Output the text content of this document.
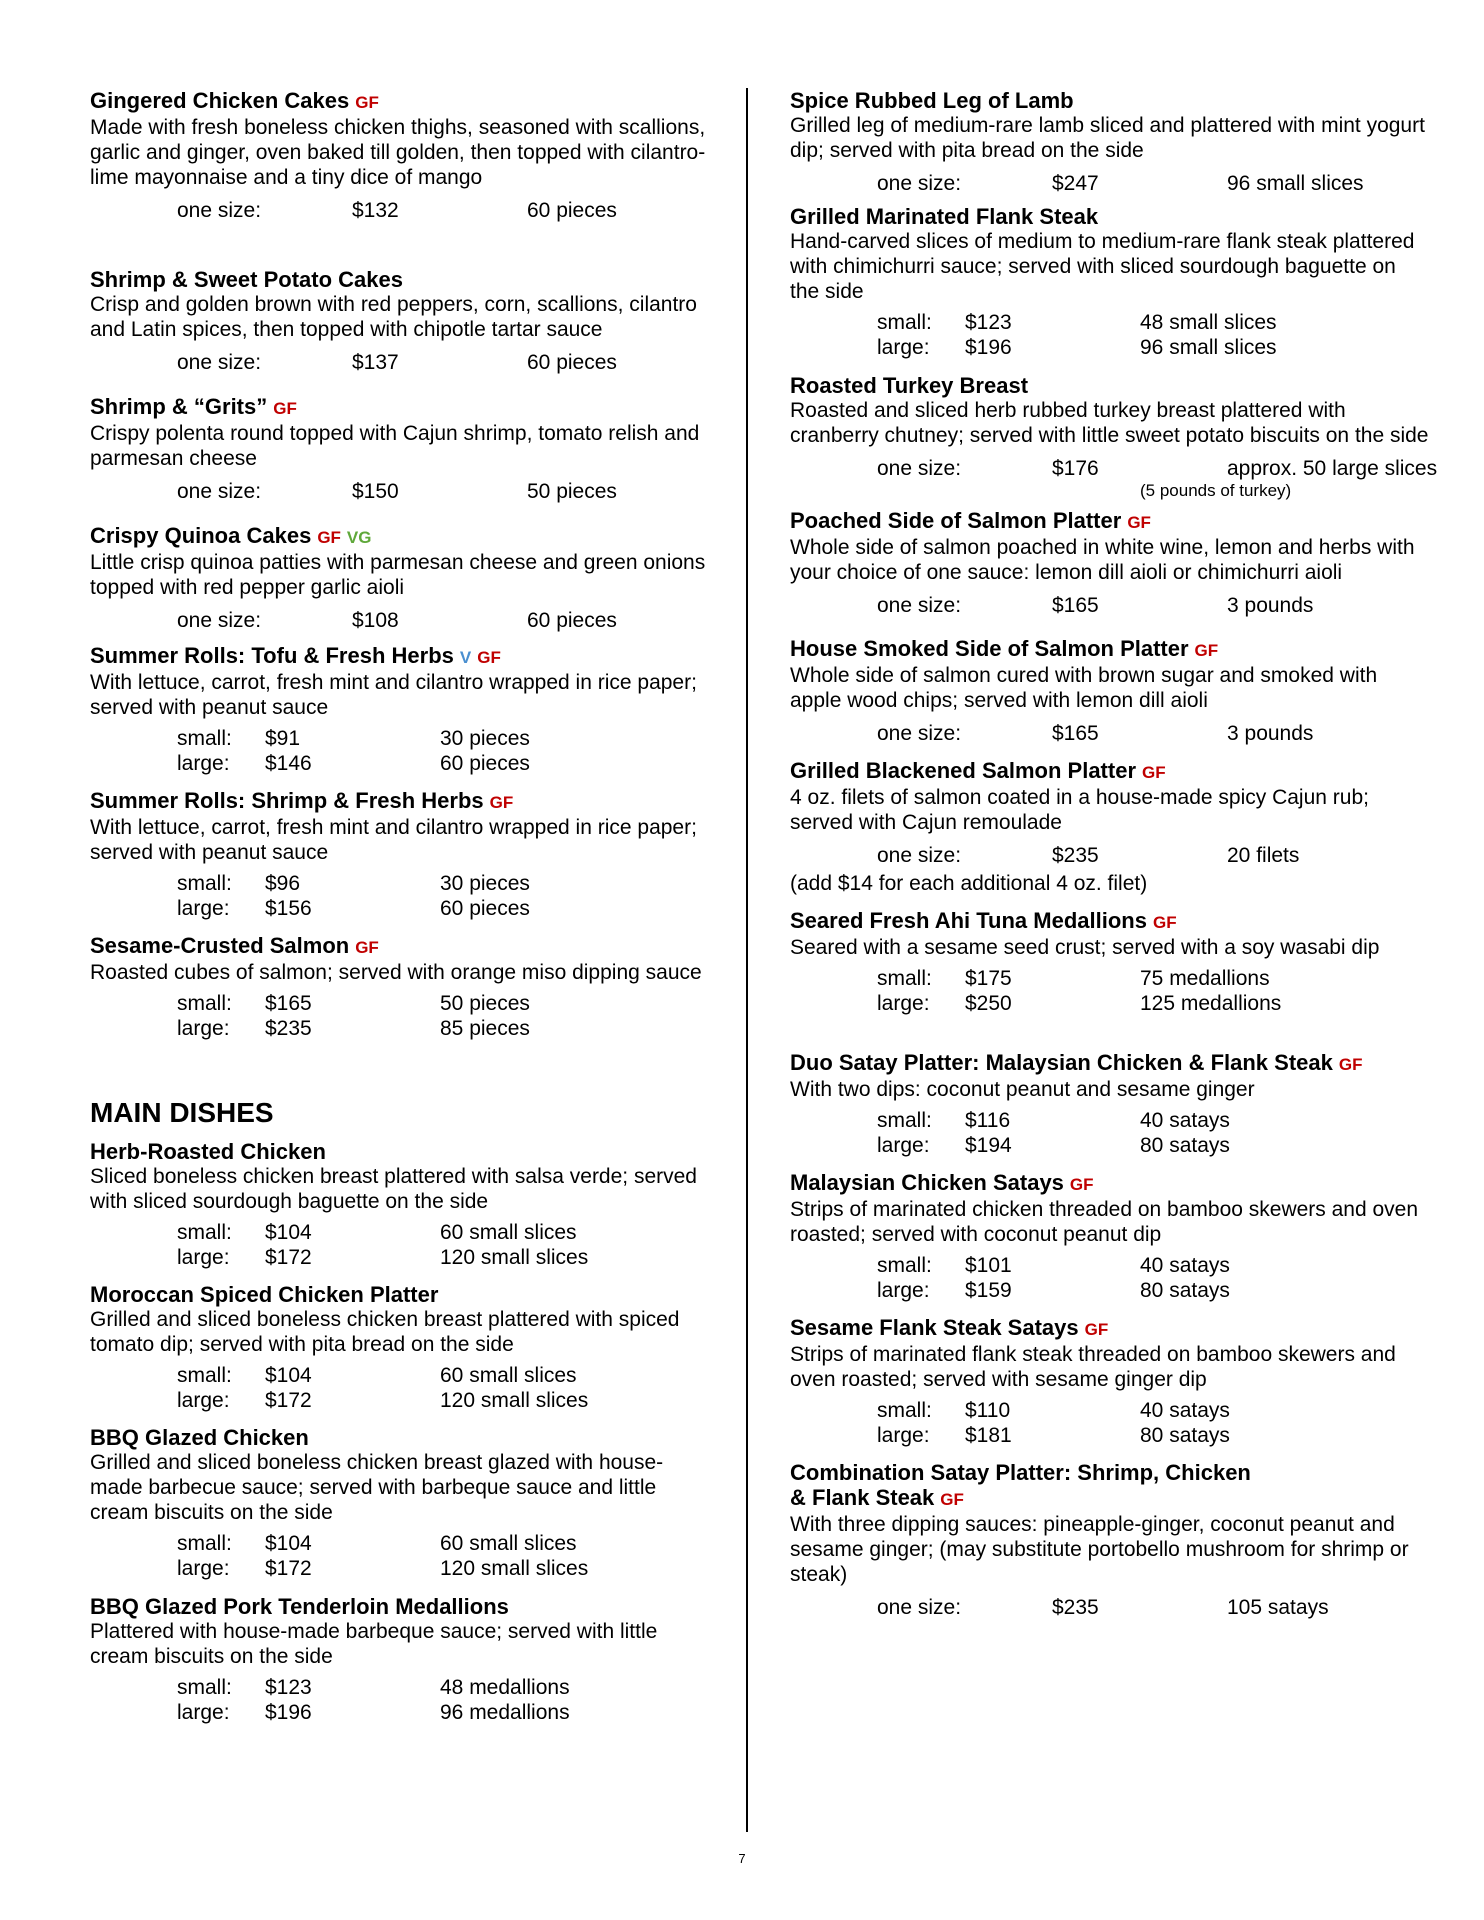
Gingered Chicken Cakes GF
Made with fresh boneless chicken thighs, seasoned with scallions, garlic and ginger, oven baked till golden, then topped with cilantro-lime mayonnaise and a tiny dice of mango
one size:	$132	60 pieces
Shrimp & Sweet Potato Cakes
Crisp and golden brown with red peppers, corn, scallions, cilantro and Latin spices, then topped with chipotle tartar sauce
one size:	$137	60 pieces
Shrimp & “Grits” GF
Crispy polenta round topped with Cajun shrimp, tomato relish and parmesan cheese
one size:	$150	50 pieces
Crispy Quinoa Cakes GF VG
Little crisp quinoa patties with parmesan cheese and green onions topped with red pepper garlic aioli
one size:	$108	60 pieces
Summer Rolls: Tofu & Fresh Herbs V GF
With lettuce, carrot, fresh mint and cilantro wrapped in rice paper; served with peanut sauce
small: $91	30 pieces
large: $146	60 pieces
Summer Rolls: Shrimp & Fresh Herbs GF
With lettuce, carrot, fresh mint and cilantro wrapped in rice paper; served with peanut sauce
small: $96	30 pieces
large: $156	60 pieces
Sesame-Crusted Salmon GF
Roasted cubes of salmon; served with orange miso dipping sauce
small: $165	50 pieces
large: $235	85 pieces
MAIN DISHES
Herb-Roasted Chicken
Sliced boneless chicken breast plattered with salsa verde; served with sliced sourdough baguette on the side
small: $104	60 small slices
large: $172	120 small slices
Moroccan Spiced Chicken Platter
Grilled and sliced boneless chicken breast plattered with spiced tomato dip; served with pita bread on the side
small: $104	60 small slices
large: $172	120 small slices
BBQ Glazed Chicken
Grilled and sliced boneless chicken breast glazed with house-made barbecue sauce; served with barbeque sauce and little cream biscuits on the side
small: $104	60 small slices
large: $172	120 small slices
BBQ Glazed Pork Tenderloin Medallions
Plattered with house-made barbeque sauce; served with little cream biscuits on the side
small: $123	48 medallions
large: $196	96 medallions
Spice Rubbed Leg of Lamb
Grilled leg of medium-rare lamb sliced and plattered with mint yogurt dip; served with pita bread on the side
one size:	$247	96 small slices
Grilled Marinated Flank Steak
Hand-carved slices of medium to medium-rare flank steak plattered with chimichurri sauce; served with sliced sourdough baguette on the side
small: $123	48 small slices
large: $196	96 small slices
Roasted Turkey Breast
Roasted and sliced herb rubbed turkey breast plattered with cranberry chutney; served with little sweet potato biscuits on the side
one size:	$176	approx. 50 large slices
(5 pounds of turkey)
Poached Side of Salmon Platter GF
Whole side of salmon poached in white wine, lemon and herbs with your choice of one sauce: lemon dill aioli or chimichurri aioli
one size:	$165	3 pounds
House Smoked Side of Salmon Platter GF
Whole side of salmon cured with brown sugar and smoked with apple wood chips; served with lemon dill aioli
one size:	$165	3 pounds
Grilled Blackened Salmon Platter GF
4 oz. filets of salmon coated in a house-made spicy Cajun rub; served with Cajun remoulade
one size:	$235	20 filets
(add $14 for each additional 4 oz. filet)
Seared Fresh Ahi Tuna Medallions GF
Seared with a sesame seed crust; served with a soy wasabi dip
small: $175	75 medallions
large: $250	125 medallions
Duo Satay Platter: Malaysian Chicken & Flank Steak GF
With two dips: coconut peanut and sesame ginger
small: $116	40 satays
large: $194	80 satays
Malaysian Chicken Satays GF
Strips of marinated chicken threaded on bamboo skewers and oven roasted; served with coconut peanut dip
small: $101	40 satays
large: $159	80 satays
Sesame Flank Steak Satays GF
Strips of marinated flank steak threaded on bamboo skewers and oven roasted; served with sesame ginger dip
small: $110	40 satays
large: $181	80 satays
Combination Satay Platter: Shrimp, Chicken
& Flank Steak GF
With three dipping sauces: pineapple-ginger, coconut peanut and sesame ginger; (may substitute portobello mushroom for shrimp or steak)
one size:	$235	105 satays
7
